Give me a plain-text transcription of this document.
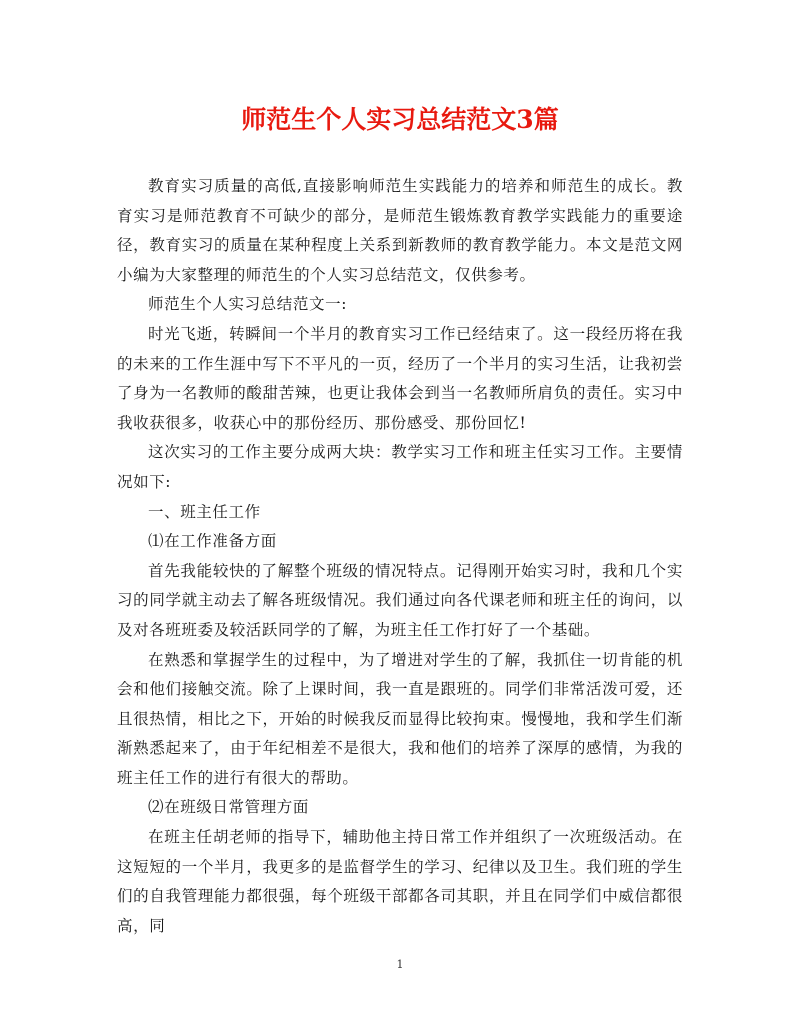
师范生个人实习总结范文3篇

教育实习质量的高低,直接影响师范生实践能力的培养和师范生的成长。教育实习是师范教育不可缺少的部分，是师范生锻炼教育教学实践能力的重要途径，教育实习的质量在某种程度上关系到新教师的教育教学能力。本文是范文网小编为大家整理的师范生的个人实习总结范文，仅供参考。

师范生个人实习总结范文一:

时光飞逝，转瞬间一个半月的教育实习工作已经结束了。这一段经历将在我的未来的工作生涯中写下不平凡的一页，经历了一个半月的实习生活，让我初尝了身为一名教师的酸甜苦辣，也更让我体会到当一名教师所肩负的责任。实习中我收获很多，收获心中的那份经历、那份感受、那份回忆!

这次实习的工作主要分成两大块：教学实习工作和班主任实习工作。主要情况如下:

一、班主任工作

⑴在工作准备方面

首先我能较快的了解整个班级的情况特点。记得刚开始实习时，我和几个实习的同学就主动去了解各班级情况。我们通过向各代课老师和班主任的询问，以及对各班班委及较活跃同学的了解，为班主任工作打好了一个基础。

在熟悉和掌握学生的过程中，为了增进对学生的了解，我抓住一切肯能的机会和他们接触交流。除了上课时间，我一直是跟班的。同学们非常活泼可爱，还且很热情，相比之下，开始的时候我反而显得比较拘束。慢慢地，我和学生们渐渐熟悉起来了，由于年纪相差不是很大，我和他们的培养了深厚的感情，为我的班主任工作的进行有很大的帮助。

⑵在班级日常管理方面

在班主任胡老师的指导下，辅助他主持日常工作并组织了一次班级活动。在这短短的一个半月，我更多的是监督学生的学习、纪律以及卫生。我们班的学生们的自我管理能力都很强，每个班级干部都各司其职，并且在同学们中威信都很高，同

1
